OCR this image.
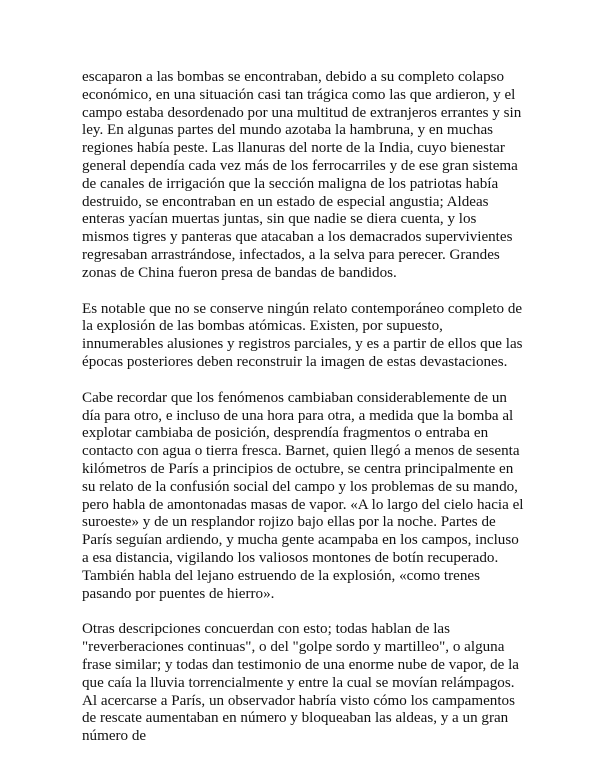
escaparon a las bombas se encontraban, debido a su completo colapso económico, en una situación casi tan trágica como las que ardieron, y el campo estaba desordenado por una multitud de extranjeros errantes y sin ley. En algunas partes del mundo azotaba la hambruna, y en muchas regiones había peste. Las llanuras del norte de la India, cuyo bienestar general dependía cada vez más de los ferrocarriles y de ese gran sistema de canales de irrigación que la sección maligna de los patriotas había destruido, se encontraban en un estado de especial angustia; Aldeas enteras yacían muertas juntas, sin que nadie se diera cuenta, y los mismos tigres y panteras que atacaban a los demacrados supervivientes regresaban arrastrándose, infectados, a la selva para perecer. Grandes zonas de China fueron presa de bandas de bandidos.

Es notable que no se conserve ningún relato contemporáneo completo de la explosión de las bombas atómicas. Existen, por supuesto, innumerables alusiones y registros parciales, y es a partir de ellos que las épocas posteriores deben reconstruir la imagen de estas devastaciones.

Cabe recordar que los fenómenos cambiaban considerablemente de un día para otro, e incluso de una hora para otra, a medida que la bomba al explotar cambiaba de posición, desprendía fragmentos o entraba en contacto con agua o tierra fresca. Barnet, quien llegó a menos de sesenta kilómetros de París a principios de octubre, se centra principalmente en su relato de la confusión social del campo y los problemas de su mando, pero habla de amontonadas masas de vapor. «A lo largo del cielo hacia el suroeste» y de un resplandor rojizo bajo ellas por la noche. Partes de París seguían ardiendo, y mucha gente acampaba en los campos, incluso a esa distancia, vigilando los valiosos montones de botín recuperado. También habla del lejano estruendo de la explosión, «como trenes pasando por puentes de hierro».

Otras descripciones concuerdan con esto; todas hablan de las "reverberaciones continuas", o del "golpe sordo y martilleo", o alguna frase similar; y todas dan testimonio de una enorme nube de vapor, de la que caía la lluvia torrencialmente y entre la cual se movían relámpagos. Al acercarse a París, un observador habría visto cómo los campamentos de rescate aumentaban en número y bloqueaban las aldeas, y a un gran número de
